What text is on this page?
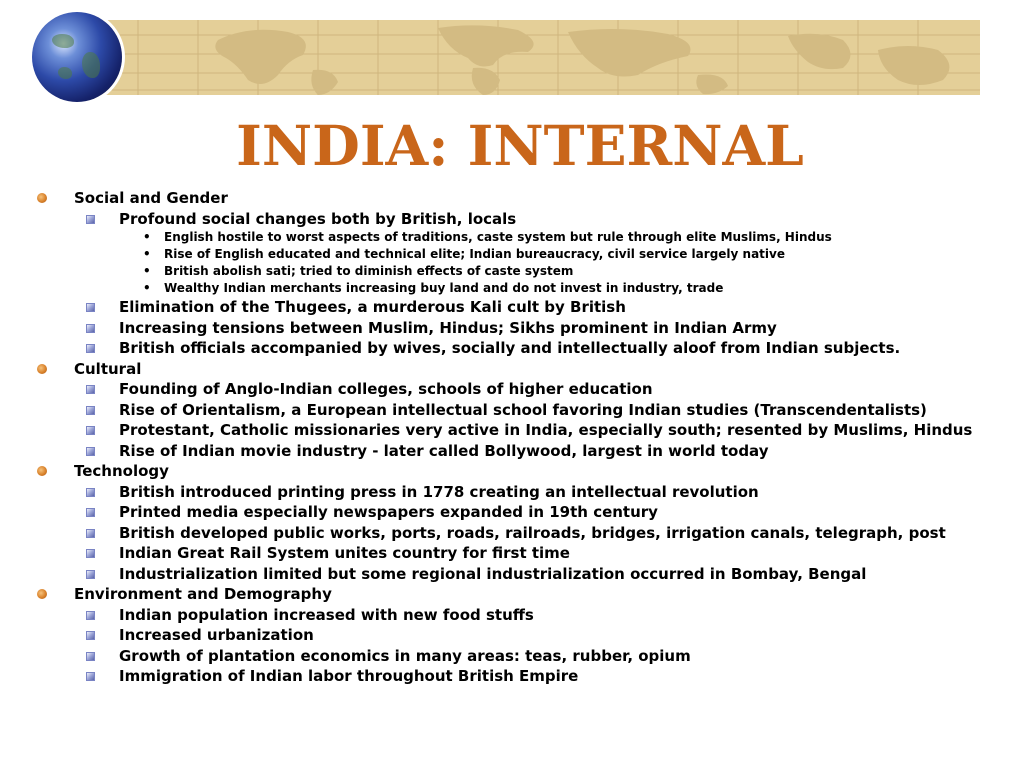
INDIA: INTERNAL
Social and Gender
Profound social changes both by British, locals
• English hostile to worst aspects of traditions, caste system but rule through elite Muslims, Hindus
• Rise of English educated and technical elite; Indian bureaucracy, civil service largely native
• British abolish sati; tried to diminish effects of caste system
• Wealthy Indian merchants increasing buy land and do not invest in industry, trade
Elimination of the Thugees, a murderous Kali cult by British
Increasing tensions between Muslim, Hindus; Sikhs prominent in Indian Army
British officials accompanied by wives, socially and intellectually aloof from Indian subjects.
Cultural
Founding of Anglo-Indian colleges, schools of higher education
Rise of Orientalism, a European intellectual school favoring Indian studies (Transcendentalists)
Protestant, Catholic missionaries very active in India, especially south; resented by Muslims, Hindus
Rise of Indian movie industry - later called Bollywood, largest in world today
Technology
British introduced printing press in 1778 creating an intellectual revolution
Printed media especially newspapers expanded in 19th century
British developed public works, ports, roads, railroads, bridges, irrigation canals, telegraph, post
Indian Great Rail System unites country for first time
Industrialization limited but some regional industrialization occurred in Bombay, Bengal
Environment and Demography
Indian population increased with new food stuffs
Increased urbanization
Growth of plantation economics in many areas: teas, rubber, opium
Immigration of Indian labor throughout British Empire
